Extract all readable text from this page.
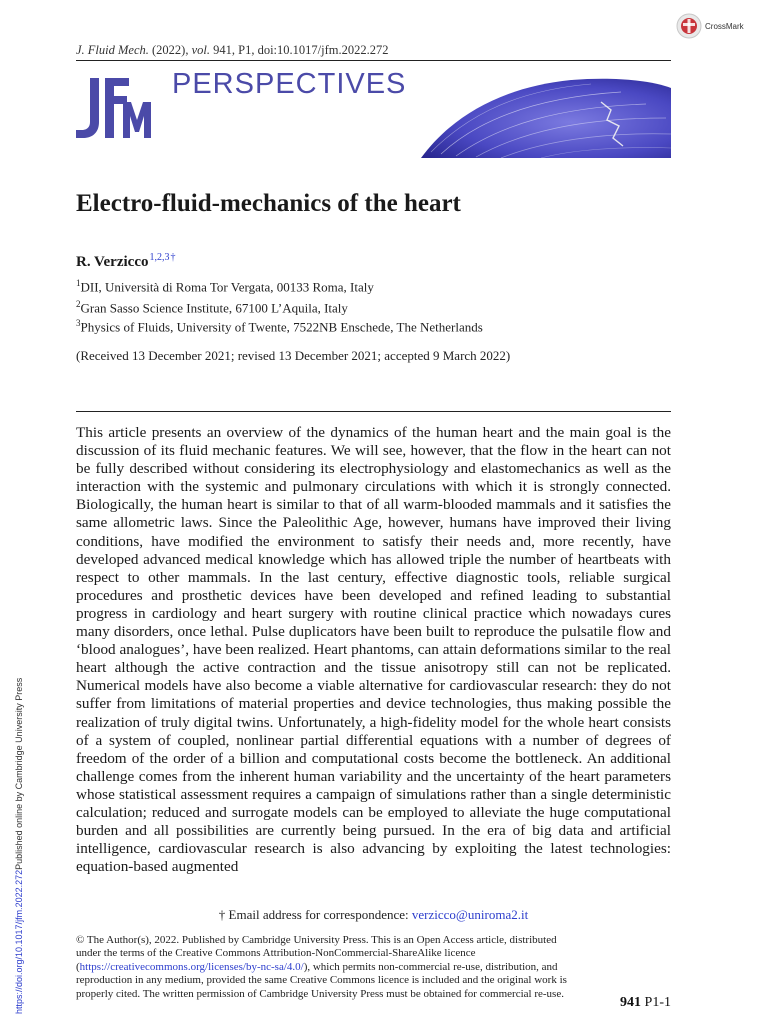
CrossMark
J. Fluid Mech. (2022), vol. 941, P1, doi:10.1017/jfm.2022.272
PERSPECTIVES
Electro-fluid-mechanics of the heart
R. Verzicco$^{1,2,3\dagger}$
$^1$DII, Università di Roma Tor Vergata, 00133 Roma, Italy
$^2$Gran Sasso Science Institute, 67100 L’Aquila, Italy
$^3$Physics of Fluids, University of Twente, 7522NB Enschede, The Netherlands
(Received 13 December 2021; revised 13 December 2021; accepted 9 March 2022)
This article presents an overview of the dynamics of the human heart and the main goal is the discussion of its fluid mechanic features. We will see, however, that the flow in the heart can not be fully described without considering its electrophysiology and elastomechanics as well as the interaction with the systemic and pulmonary circulations with which it is strongly connected. Biologically, the human heart is similar to that of all warm-blooded mammals and it satisfies the same allometric laws. Since the Paleolithic Age, however, humans have improved their living conditions, have modified the environment to satisfy their needs and, more recently, have developed advanced medical knowledge which has allowed triple the number of heartbeats with respect to other mammals. In the last century, effective diagnostic tools, reliable surgical procedures and prosthetic devices have been developed and refined leading to substantial progress in cardiology and heart surgery with routine clinical practice which nowadays cures many disorders, once lethal. Pulse duplicators have been built to reproduce the pulsatile flow and ‘blood analogues’, have been realized. Heart phantoms, can attain deformations similar to the real heart although the active contraction and the tissue anisotropy still can not be replicated. Numerical models have also become a viable alternative for cardiovascular research: they do not suffer from limitations of material properties and device technologies, thus making possible the realization of truly digital twins. Unfortunately, a high-fidelity model for the whole heart consists of a system of coupled, nonlinear partial differential equations with a number of degrees of freedom of the order of a billion and computational costs become the bottleneck. An additional challenge comes from the inherent human variability and the uncertainty of the heart parameters whose statistical assessment requires a campaign of simulations rather than a single deterministic calculation; reduced and surrogate models can be employed to alleviate the huge computational burden and all possibilities are currently being pursued. In the era of big data and artificial intelligence, cardiovascular research is also advancing by exploiting the latest technologies: equation-based augmented
† Email address for correspondence: verzicco@uniroma2.it
© The Author(s), 2022. Published by Cambridge University Press. This is an Open Access article, distributed under the terms of the Creative Commons Attribution-NonCommercial-ShareAlike licence (https://creativecommons.org/licenses/by-nc-sa/4.0/), which permits non-commercial re-use, distribution, and reproduction in any medium, provided the same Creative Commons licence is included and the original work is properly cited. The written permission of Cambridge University Press must be obtained for commercial re-use.
941 P1-1
https://doi.org/10.1017/jfm.2022.272Published online by Cambridge University Press
